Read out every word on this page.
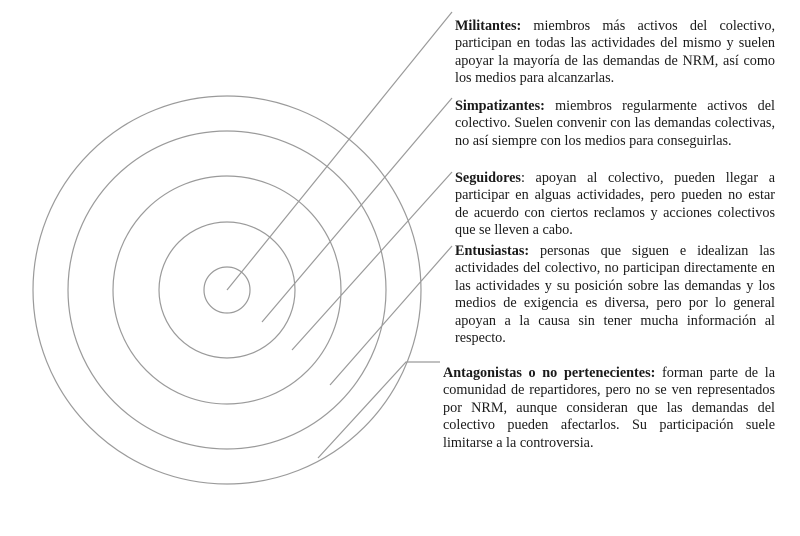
Militantes: miembros más activos del colectivo, participan en todas las actividades del mismo y suelen apoyar la mayoría de las demandas de NRM, así como los medios para alcanzarlas.

Simpatizantes: miembros regularmente activos del colectivo. Suelen convenir con las demandas colectivas, no así siempre con los medios para conseguirlas.

Seguidores: apoyan al colectivo, pueden llegar a participar en alguas actividades, pero pueden no estar de acuerdo con ciertos reclamos y acciones colectivos que se lleven a cabo.

Entusiastas: personas que siguen e idealizan las actividades del colectivo, no participan directamente en las actividades y su posición sobre las demandas y los medios de exigencia es diversa, pero por lo general apoyan a la causa sin tener mucha información al respecto.

Antagonistas o no pertenecientes: forman parte de la comunidad de repartidores, pero no se ven representados por NRM, aunque consideran que las demandas del colectivo pueden afectarlos. Su participación suele limitarse a la controversia.
